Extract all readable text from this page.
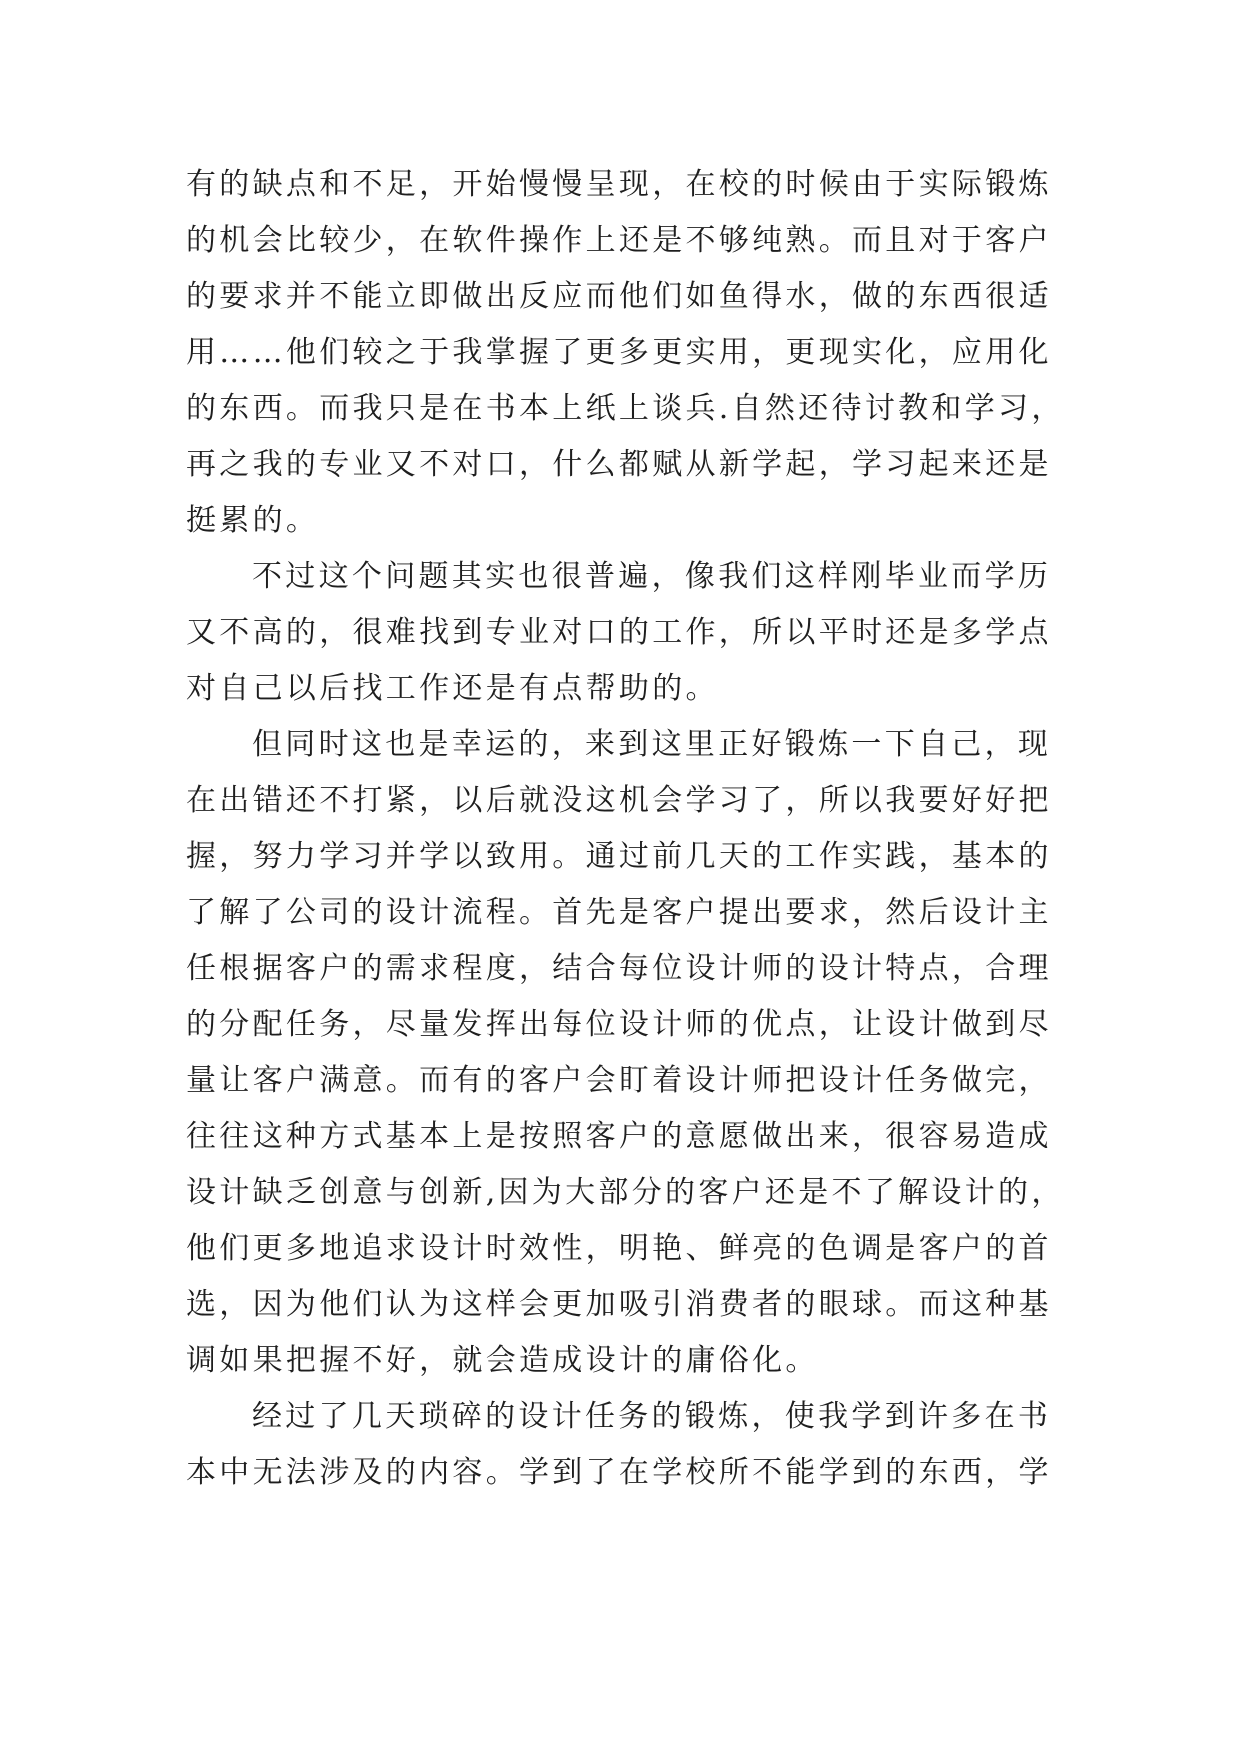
有的缺点和不足，开始慢慢呈现，在校的时候由于实际锻炼
的机会比较少，在软件操作上还是不够纯熟。而且对于客户
的要求并不能立即做出反应而他们如鱼得水，做的东西很适
用……他们较之于我掌握了更多更实用，更现实化，应用化
的东西。而我只是在书本上纸上谈兵.自然还待讨教和学习，
再之我的专业又不对口，什么都赋从新学起，学习起来还是
挺累的。
不过这个问题其实也很普遍，像我们这样刚毕业而学历
又不高的，很难找到专业对口的工作，所以平时还是多学点
对自己以后找工作还是有点帮助的。
但同时这也是幸运的，来到这里正好锻炼一下自己，现
在出错还不打紧，以后就没这机会学习了，所以我要好好把
握，努力学习并学以致用。通过前几天的工作实践，基本的
了解了公司的设计流程。首先是客户提出要求，然后设计主
任根据客户的需求程度，结合每位设计师的设计特点，合理
的分配任务，尽量发挥出每位设计师的优点，让设计做到尽
量让客户满意。而有的客户会盯着设计师把设计任务做完，
往往这种方式基本上是按照客户的意愿做出来，很容易造成
设计缺乏创意与创新,因为大部分的客户还是不了解设计的，
他们更多地追求设计时效性，明艳、鲜亮的色调是客户的首
选，因为他们认为这样会更加吸引消费者的眼球。而这种基
调如果把握不好，就会造成设计的庸俗化。
经过了几天琐碎的设计任务的锻炼，使我学到许多在书
本中无法涉及的内容。学到了在学校所不能学到的东西，学
